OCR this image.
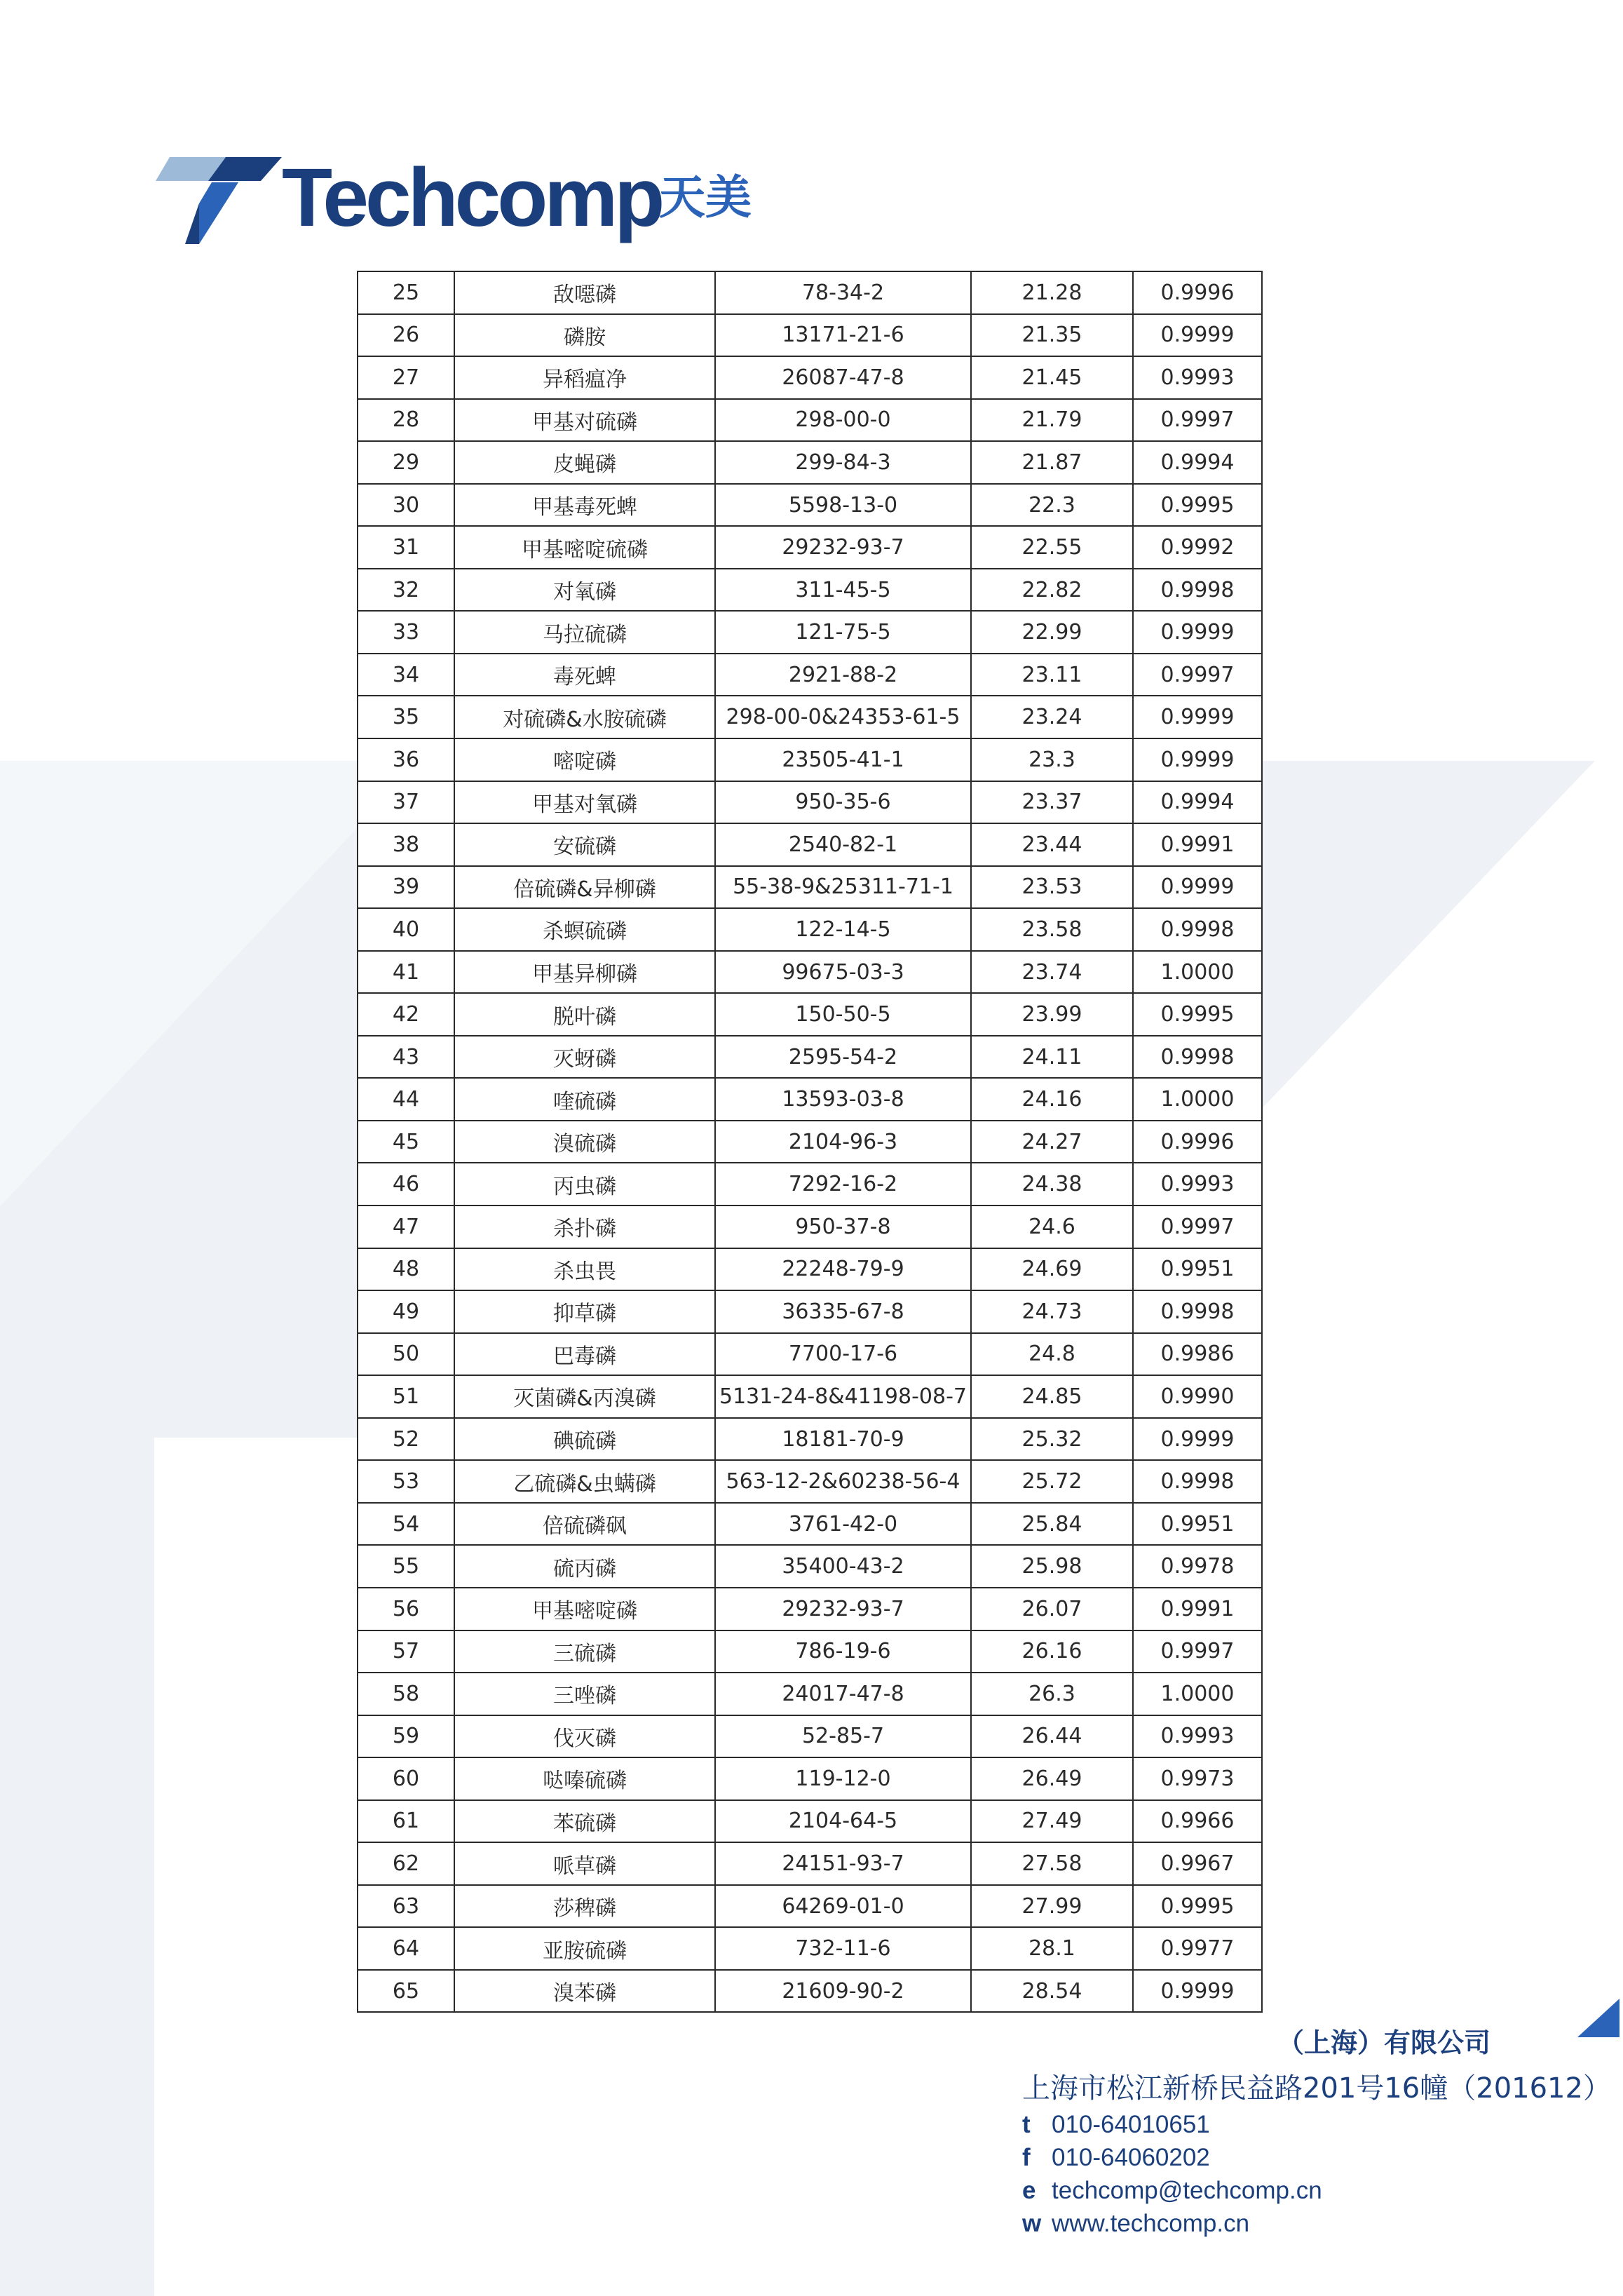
Techcomp
天美
25	敌噁磷	78-34-2	21.28	0.9996
26	磷胺	13171-21-6	21.35	0.9999
27	异稻瘟净	26087-47-8	21.45	0.9993
28	甲基对硫磷	298-00-0	21.79	0.9997
29	皮蝇磷	299-84-3	21.87	0.9994
30	甲基毒死蜱	5598-13-0	22.3	0.9995
31	甲基嘧啶硫磷	29232-93-7	22.55	0.9992
32	对氧磷	311-45-5	22.82	0.9998
33	马拉硫磷	121-75-5	22.99	0.9999
34	毒死蜱	2921-88-2	23.11	0.9997
35	对硫磷&水胺硫磷	298-00-0&24353-61-5	23.24	0.9999
36	嘧啶磷	23505-41-1	23.3	0.9999
37	甲基对氧磷	950-35-6	23.37	0.9994
38	安硫磷	2540-82-1	23.44	0.9991
39	倍硫磷&异柳磷	55-38-9&25311-71-1	23.53	0.9999
40	杀螟硫磷	122-14-5	23.58	0.9998
41	甲基异柳磷	99675-03-3	23.74	1.0000
42	脱叶磷	150-50-5	23.99	0.9995
43	灭蚜磷	2595-54-2	24.11	0.9998
44	喹硫磷	13593-03-8	24.16	1.0000
45	溴硫磷	2104-96-3	24.27	0.9996
46	丙虫磷	7292-16-2	24.38	0.9993
47	杀扑磷	950-37-8	24.6	0.9997
48	杀虫畏	22248-79-9	24.69	0.9951
49	抑草磷	36335-67-8	24.73	0.9998
50	巴毒磷	7700-17-6	24.8	0.9986
51	灭菌磷&丙溴磷	5131-24-8&41198-08-7	24.85	0.9990
52	碘硫磷	18181-70-9	25.32	0.9999
53	乙硫磷&虫螨磷	563-12-2&60238-56-4	25.72	0.9998
54	倍硫磷砜	3761-42-0	25.84	0.9951
55	硫丙磷	35400-43-2	25.98	0.9978
56	甲基嘧啶磷	29232-93-7	26.07	0.9991
57	三硫磷	786-19-6	26.16	0.9997
58	三唑磷	24017-47-8	26.3	1.0000
59	伐灭磷	52-85-7	26.44	0.9993
60	哒嗪硫磷	119-12-0	26.49	0.9973
61	苯硫磷	2104-64-5	27.49	0.9966
62	哌草磷	24151-93-7	27.58	0.9967
63	莎稗磷	64269-01-0	27.99	0.9995
64	亚胺硫磷	732-11-6	28.1	0.9977
65	溴苯磷	21609-90-2	28.54	0.9999
（上海）有限公司
上海市松江新桥民益路201号16幢（201612）
t 010-64010651
f 010-64060202
e techcomp@techcomp.cn
w www.techcomp.cn
